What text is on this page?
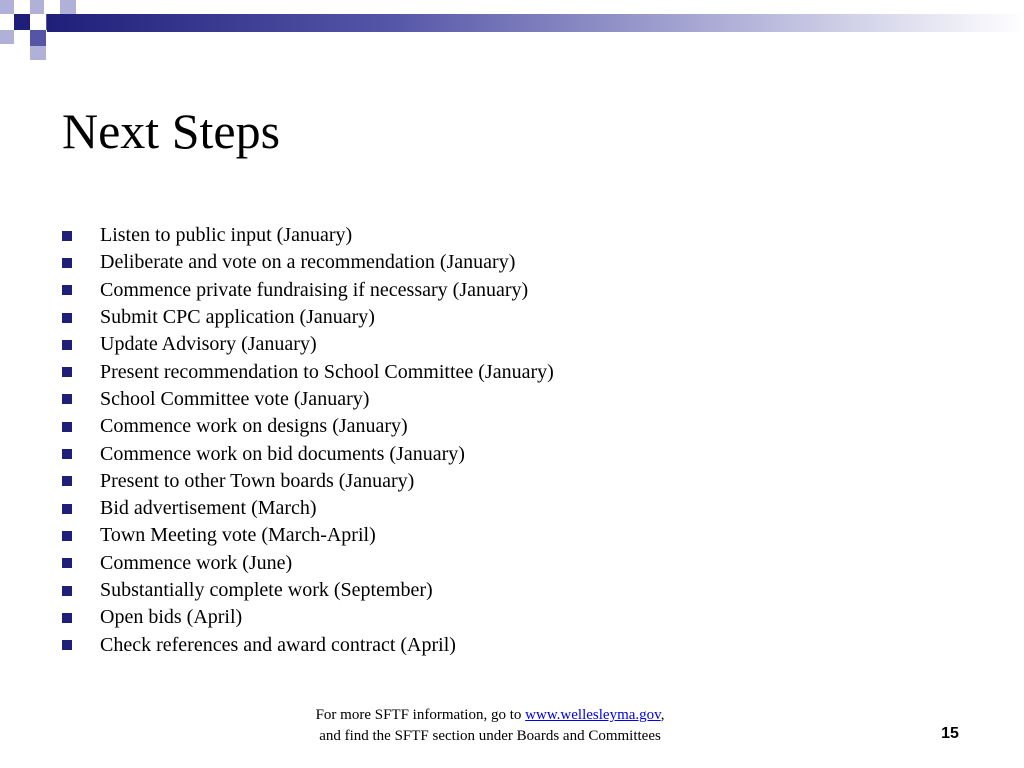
Next Steps
Listen to public input (January)
Deliberate and vote on a recommendation (January)
Commence private fundraising if necessary (January)
Submit CPC application (January)
Update Advisory (January)
Present recommendation to School Committee (January)
School Committee vote (January)
Commence work on designs (January)
Commence work on bid documents (January)
Present to other Town boards (January)
Bid advertisement (March)
Town Meeting vote (March-April)
Commence work (June)
Substantially complete work (September)
Open bids (April)
Check references and award contract (April)
For more SFTF information, go to www.wellesleyma.gov,
and find the SFTF section under Boards and Committees	15
